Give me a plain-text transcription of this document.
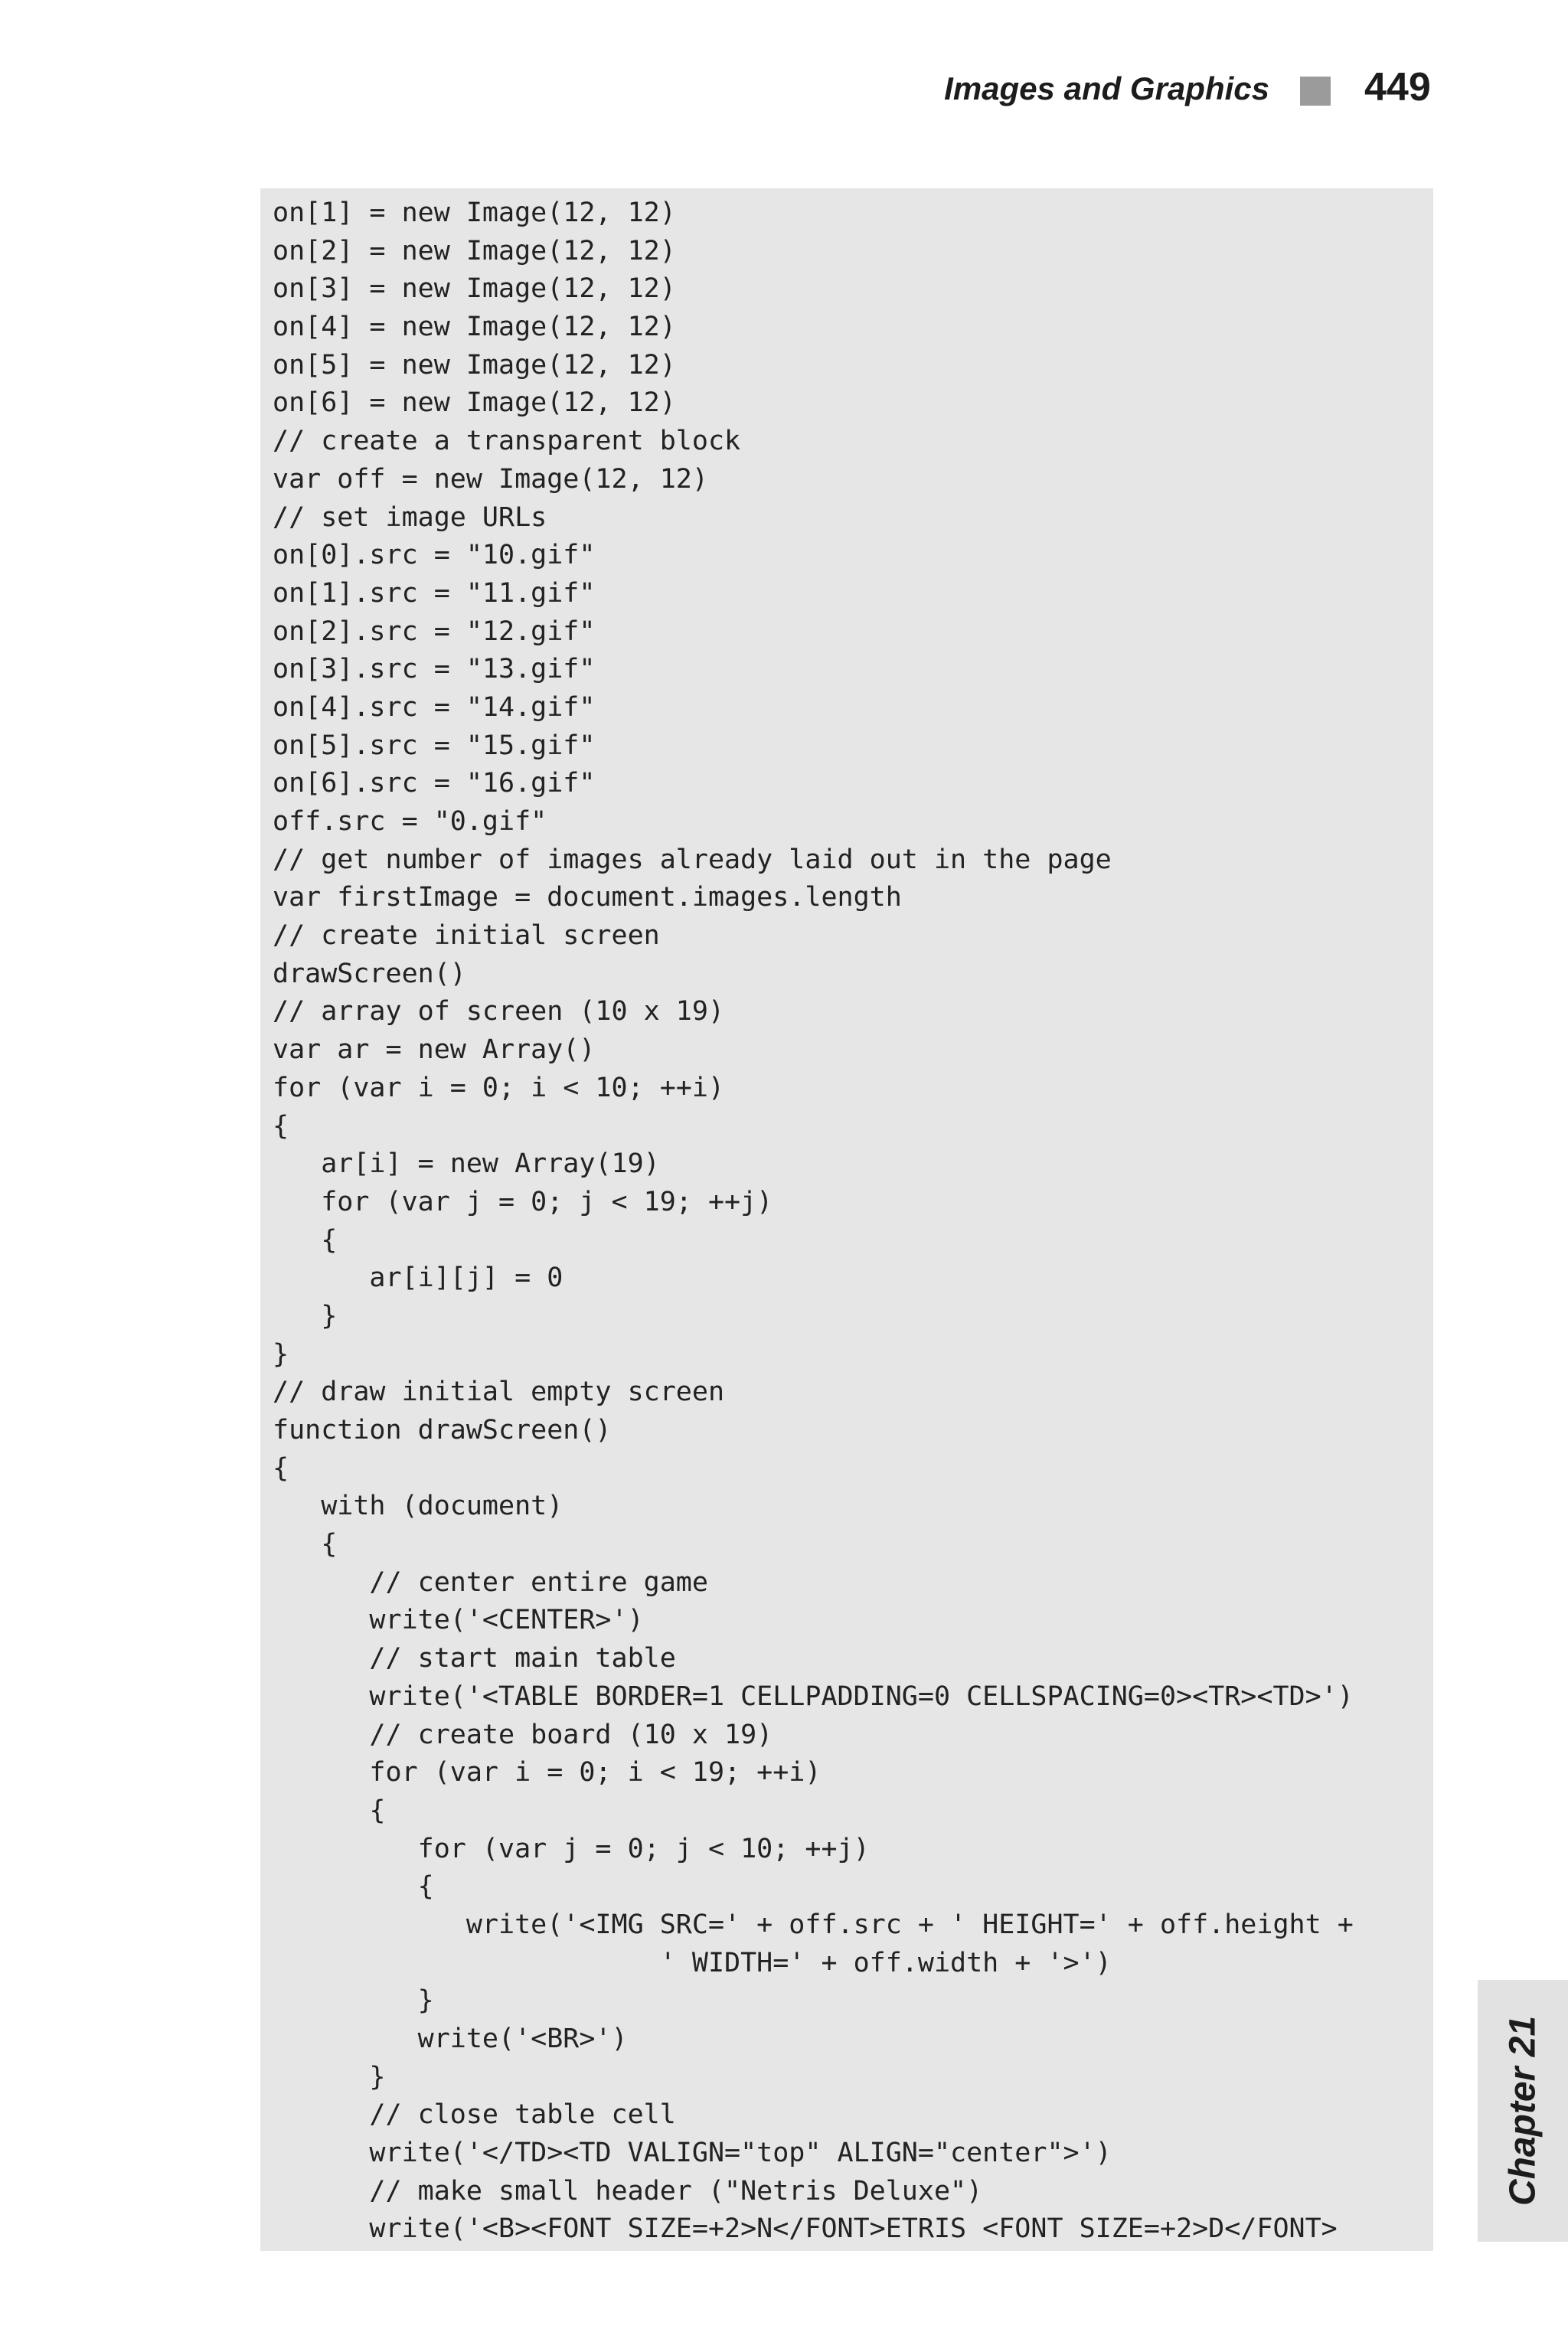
Images and Graphics 449
on[1] = new Image(12, 12)
on[2] = new Image(12, 12)
on[3] = new Image(12, 12)
on[4] = new Image(12, 12)
on[5] = new Image(12, 12)
on[6] = new Image(12, 12)
// create a transparent block
var off = new Image(12, 12)
// set image URLs
on[0].src = "10.gif"
on[1].src = "11.gif"
on[2].src = "12.gif"
on[3].src = "13.gif"
on[4].src = "14.gif"
on[5].src = "15.gif"
on[6].src = "16.gif"
off.src = "0.gif"
// get number of images already laid out in the page
var firstImage = document.images.length
// create initial screen
drawScreen()
// array of screen (10 x 19)
var ar = new Array()
for (var i = 0; i < 10; ++i)
{
ar[i] = new Array(19)
for (var j = 0; j < 19; ++j)
{
ar[i][j] = 0
}
}
// draw initial empty screen
function drawScreen()
{
with (document)
{
// center entire game
write('<CENTER>')
// start main table
write('<TABLE BORDER=1 CELLPADDING=0 CELLSPACING=0><TR><TD>')
// create board (10 x 19)
for (var i = 0; i < 19; ++i)
{
for (var j = 0; j < 10; ++j)
{
write('<IMG SRC=' + off.src + ' HEIGHT=' + off.height +
' WIDTH=' + off.width + '>')
}
write('<BR>')
}
// close table cell
write('</TD><TD VALIGN="top" ALIGN="center">')
// make small header ("Netris Deluxe")
write('<B><FONT SIZE=+2>N</FONT>ETRIS <FONT SIZE=+2>D</FONT>
Chapter 21
